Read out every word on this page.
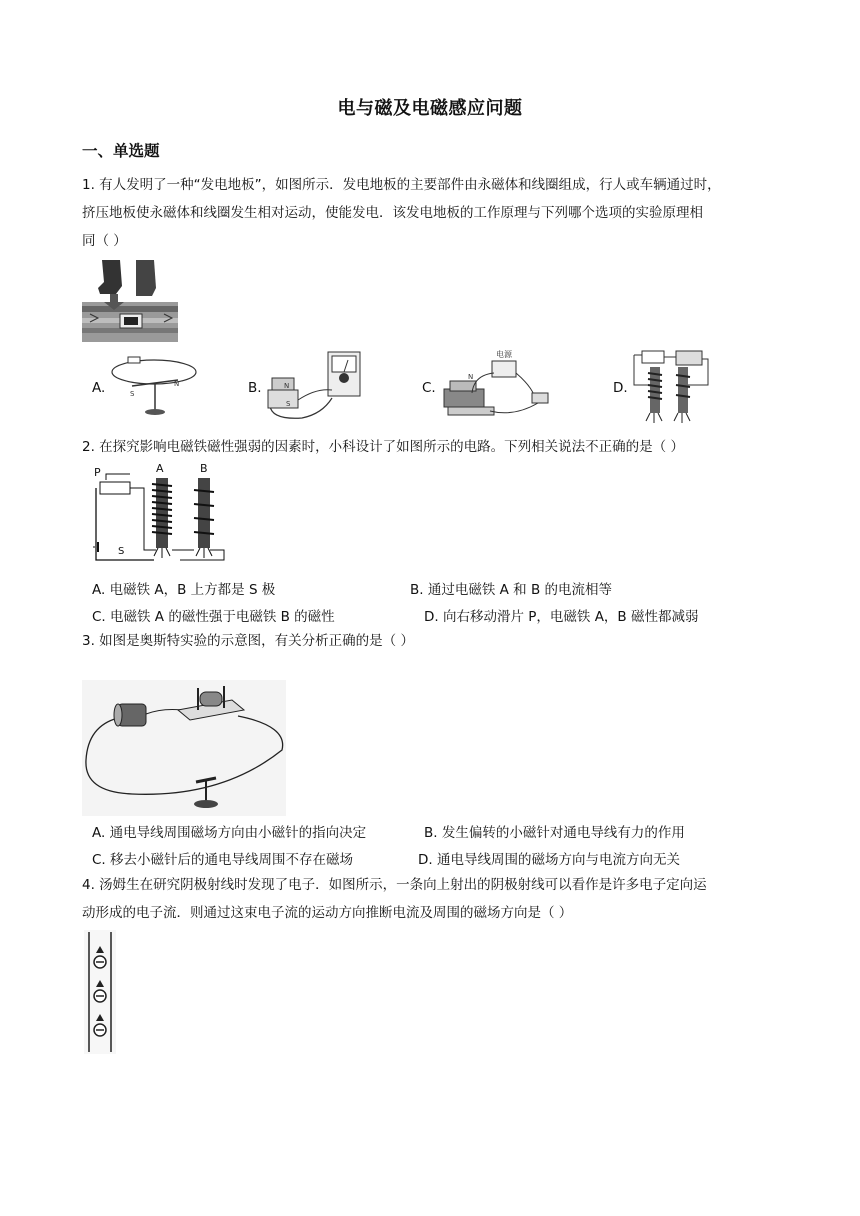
电与磁及电磁感应问题
一、单选题
1. 有人发明了一种“发电地板”，如图所示．发电地板的主要部件由永磁体和线圈组成，行人或车辆通过时，
挤压地板使永磁体和线圈发生相对运动，使能发电．该发电地板的工作原理与下列哪个选项的实验原理相
同（ ）
A.	B.	C.	D.
S
N	N
S
电源
N
2. 在探究影响电磁铁磁性强弱的因素时，小科设计了如图所示的电路。下列相关说法不正确的是（ ）
P	A	B
S
A. 电磁铁 A，B 上方都是 S 极	B. 通过电磁铁 A 和 B 的电流相等
C. 电磁铁 A 的磁性强于电磁铁 B 的磁性	D. 向右移动滑片 P，电磁铁 A，B 磁性都减弱
3. 如图是奥斯特实验的示意图，有关分析正确的是（ ）
A. 通电导线周围磁场方向由小磁针的指向决定	B. 发生偏转的小磁针对通电导线有力的作用
C. 移去小磁针后的通电导线周围不存在磁场	D. 通电导线周围的磁场方向与电流方向无关
4. 汤姆生在研究阴极射线时发现了电子．如图所示，一条向上射出的阴极射线可以看作是许多电子定向运
动形成的电子流．则通过这束电子流的运动方向推断电流及周围的磁场方向是（ ）
